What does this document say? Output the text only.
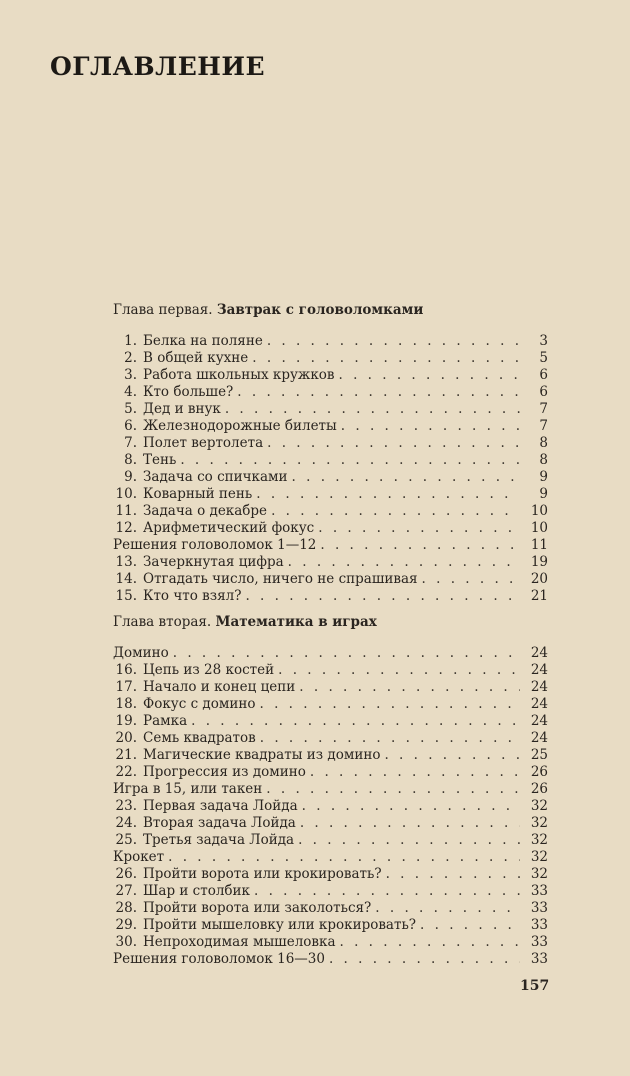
ОГЛАВЛЕНИЕ
Глава первая. Завтрак с головоломками
1. Белка на поляне . . .	3
2. В общей кухне . . .	5
3. Работа школьных кружков . . .	6
4. Кто больше? . . .	6
5. Дед и внук . . .	7
6. Железнодорожные билеты . . .	7
7. Полет вертолета . . .	8
8. Тень . . .	8
9. Задача со спичками . . .	9
10. Коварный пень . . .	9
11. Задача о декабре . . .	10
12. Арифметический фокус . . .	10
Решения головоломок 1—12 . . .	11
13. Зачеркнутая цифра . . .	19
14. Отгадать число, ничего не спрашивая . . .	20
15. Кто что взял? . . .	21
Глава вторая. Математика в играх
Домино . . .	24
16. Цепь из 28 костей . . .	24
17. Начало и конец цепи . . .	24
18. Фокус с домино . . .	24
19. Рамка . . .	24
20. Семь квадратов . . .	24
21. Магические квадраты из домино . . .	25
22. Прогрессия из домино . . .	26
Игра в 15, или такен . . .	26
23. Первая задача Лойда . . .	32
24. Вторая задача Лойда . . .	32
25. Третья задача Лойда . . .	32
Крокет . . .	32
26. Пройти ворота или крокировать? . . .	32
27. Шар и столбик . . .	33
28. Пройти ворота или заколоться? . . .	33
29. Пройти мышеловку или крокировать? . . .	33
30. Непроходимая мышеловка . . .	33
Решения головоломок 16—30 . . .	33
157
